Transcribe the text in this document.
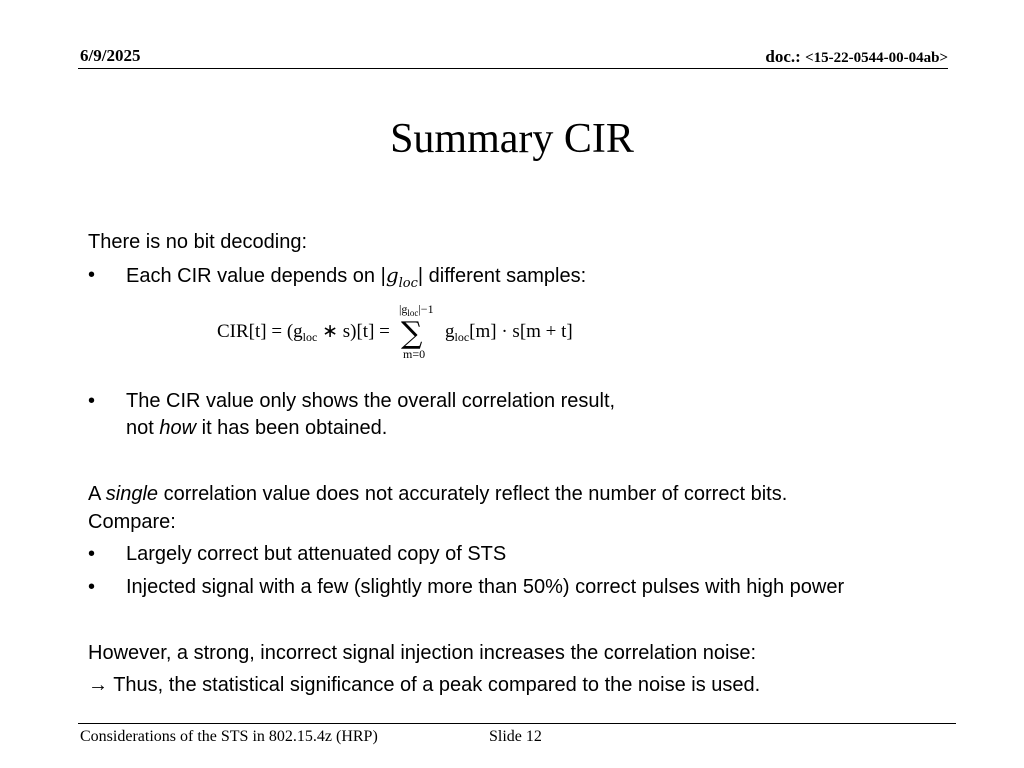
6/9/2025	doc.: <15-22-0544-00-04ab>
Summary CIR
There is no bit decoding:
• Each CIR value depends on $|g_{loc}|$ different samples:
$CIR[t] = (g_{loc}$ ∗ s)[t] =
$|g_{loc}|-1$
∑
m=0
$g_{loc}[m] \cdot s[m + t]$
• The CIR value only shows the overall correlation result,
not how it has been obtained.
A single correlation value does not accurately reflect the number of correct bits.
Compare:
• Largely correct but attenuated copy of STS
• Injected signal with a few (slightly more than 50%) correct pulses with high power
However, a strong, incorrect signal injection increases the correlation noise:
→ Thus, the statistical significance of a peak compared to the noise is used.
Considerations of the STS in 802.15.4z (HRP)	Slide 12
